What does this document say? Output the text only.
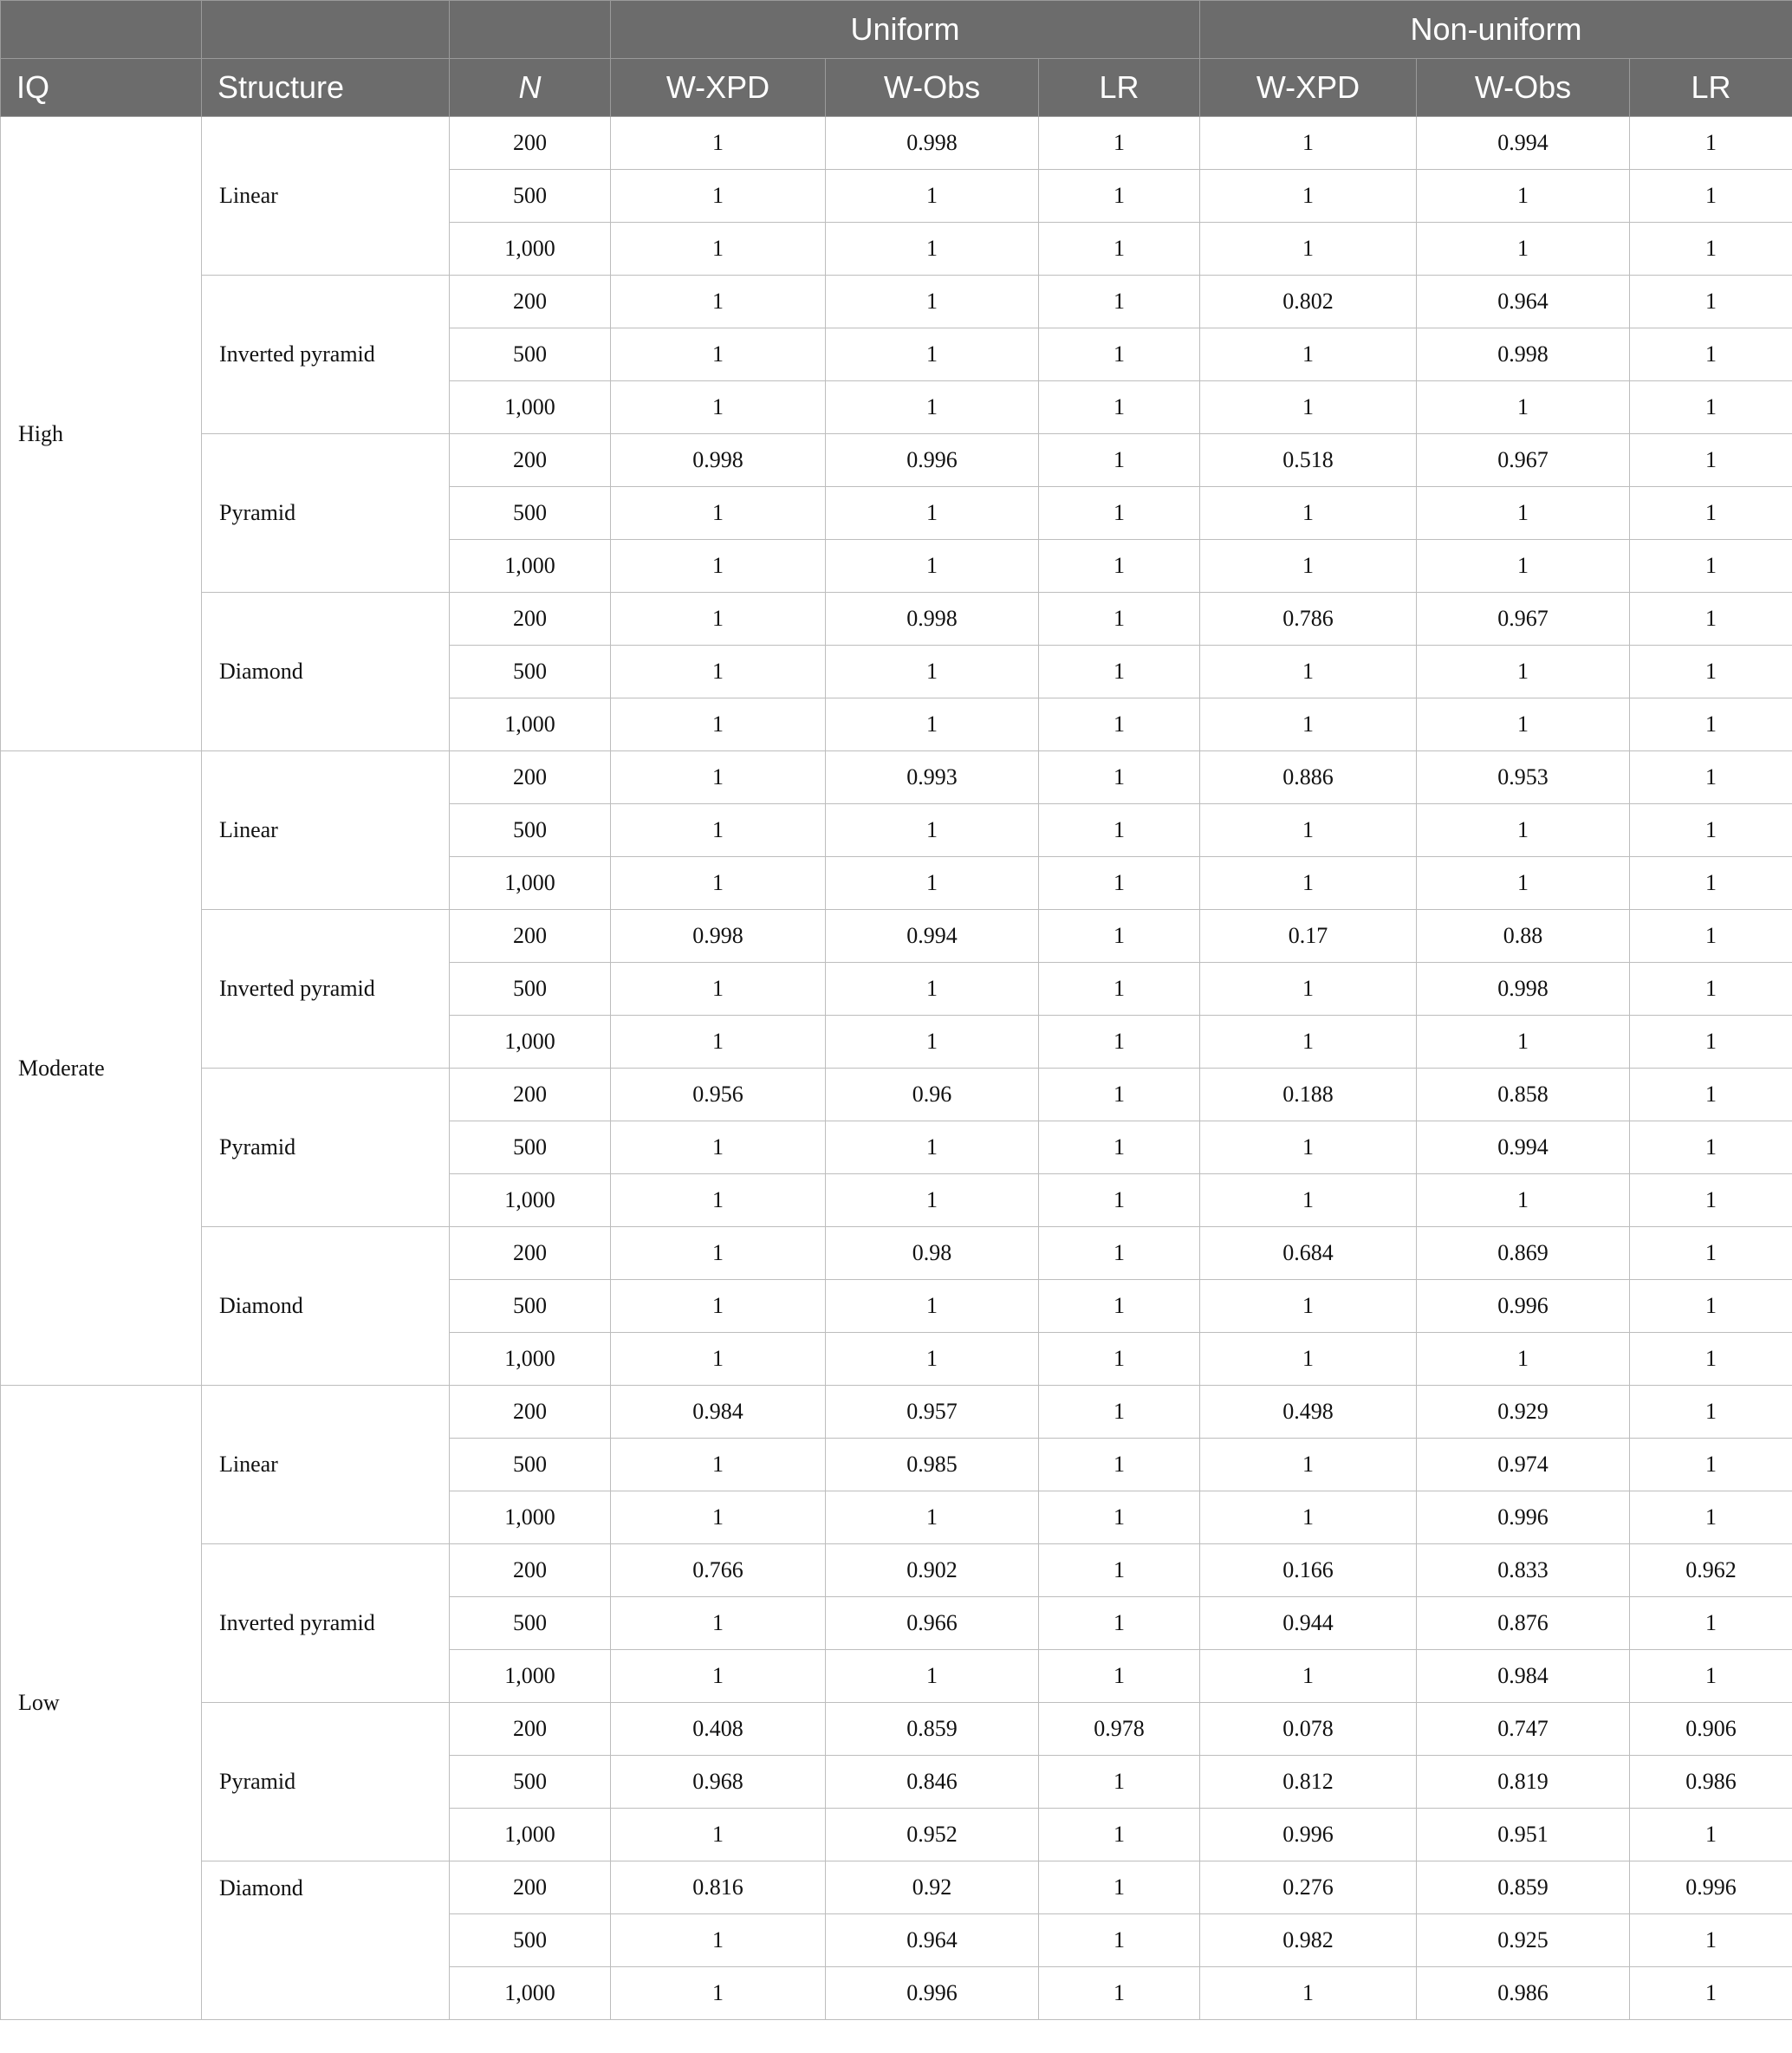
			Uniform			Non-uniform		
IQ	Structure	N	W-XPD	W-Obs	LR	W-XPD	W-Obs	LR
High	Linear	200	1	0.998	1	1	0.994	1
		500	1	1	1	1	1	1
		1,000	1	1	1	1	1	1
	Inverted pyramid	200	1	1	1	0.802	0.964	1
		500	1	1	1	1	0.998	1
		1,000	1	1	1	1	1	1
	Pyramid	200	0.998	0.996	1	0.518	0.967	1
		500	1	1	1	1	1	1
		1,000	1	1	1	1	1	1
	Diamond	200	1	0.998	1	0.786	0.967	1
		500	1	1	1	1	1	1
		1,000	1	1	1	1	1	1
Moderate	Linear	200	1	0.993	1	0.886	0.953	1
		500	1	1	1	1	1	1
		1,000	1	1	1	1	1	1
	Inverted pyramid	200	0.998	0.994	1	0.17	0.88	1
		500	1	1	1	1	0.998	1
		1,000	1	1	1	1	1	1
	Pyramid	200	0.956	0.96	1	0.188	0.858	1
		500	1	1	1	1	0.994	1
		1,000	1	1	1	1	1	1
	Diamond	200	1	0.98	1	0.684	0.869	1
		500	1	1	1	1	0.996	1
		1,000	1	1	1	1	1	1
Low	Linear	200	0.984	0.957	1	0.498	0.929	1
		500	1	0.985	1	1	0.974	1
		1,000	1	1	1	1	0.996	1
	Inverted pyramid	200	0.766	0.902	1	0.166	0.833	0.962
		500	1	0.966	1	0.944	0.876	1
		1,000	1	1	1	1	0.984	1
	Pyramid	200	0.408	0.859	0.978	0.078	0.747	0.906
		500	0.968	0.846	1	0.812	0.819	0.986
		1,000	1	0.952	1	0.996	0.951	1
	Diamond	200	0.816	0.92	1	0.276	0.859	0.996
		500	1	0.964	1	0.982	0.925	1
		1,000	1	0.996	1	1	0.986	1
